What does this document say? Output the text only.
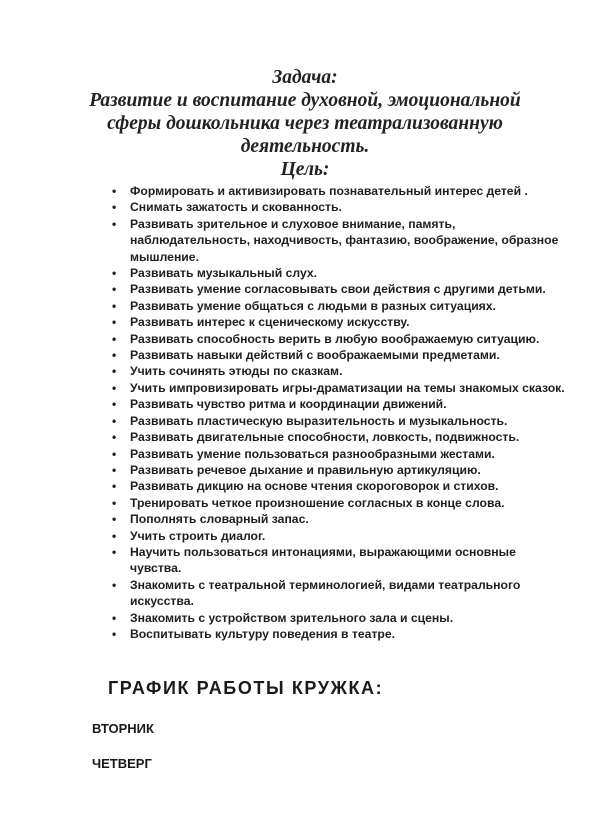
Задача:
Развитие и воспитание духовной, эмоциональной
сферы дошкольника через театрализованную
деятельность.
Цель:
• Формировать и активизировать познавательный интерес детей .
• Снимать зажатость и скованность.
• Развивать зрительное и слуховое внимание, память, наблюдательность, находчивость, фантазию, воображение, образное мышление.
• Развивать музыкальный слух.
• Развивать умение согласовывать свои действия с другими детьми.
• Развивать умение общаться с людьми в разных ситуациях.
• Развивать интерес к сценическому искусству.
• Развивать способность верить в любую воображаемую ситуацию.
• Развивать навыки действий с воображаемыми предметами.
• Учить сочинять этюды по сказкам.
• Учить импровизировать игры-драматизации на темы знакомых сказок.
• Развивать чувство ритма и координации движений.
• Развивать пластическую выразительность и музыкальность.
• Развивать двигательные способности, ловкость, подвижность.
• Развивать умение пользоваться разнообразными жестами.
• Развивать речевое дыхание и правильную артикуляцию.
• Развивать дикцию на основе чтения скороговорок и стихов.
• Тренировать четкое произношение согласных в конце слова.
• Пополнять словарный запас.
• Учить строить диалог.
• Научить пользоваться интонациями, выражающими основные чувства.
• Знакомить с театральной терминологией, видами театрального искусства.
• Знакомить с устройством зрительного зала и сцены.
• Воспитывать культуру поведения в театре.
ГРАФИК РАБОТЫ КРУЖКА:
ВТОРНИК
ЧЕТВЕРГ
